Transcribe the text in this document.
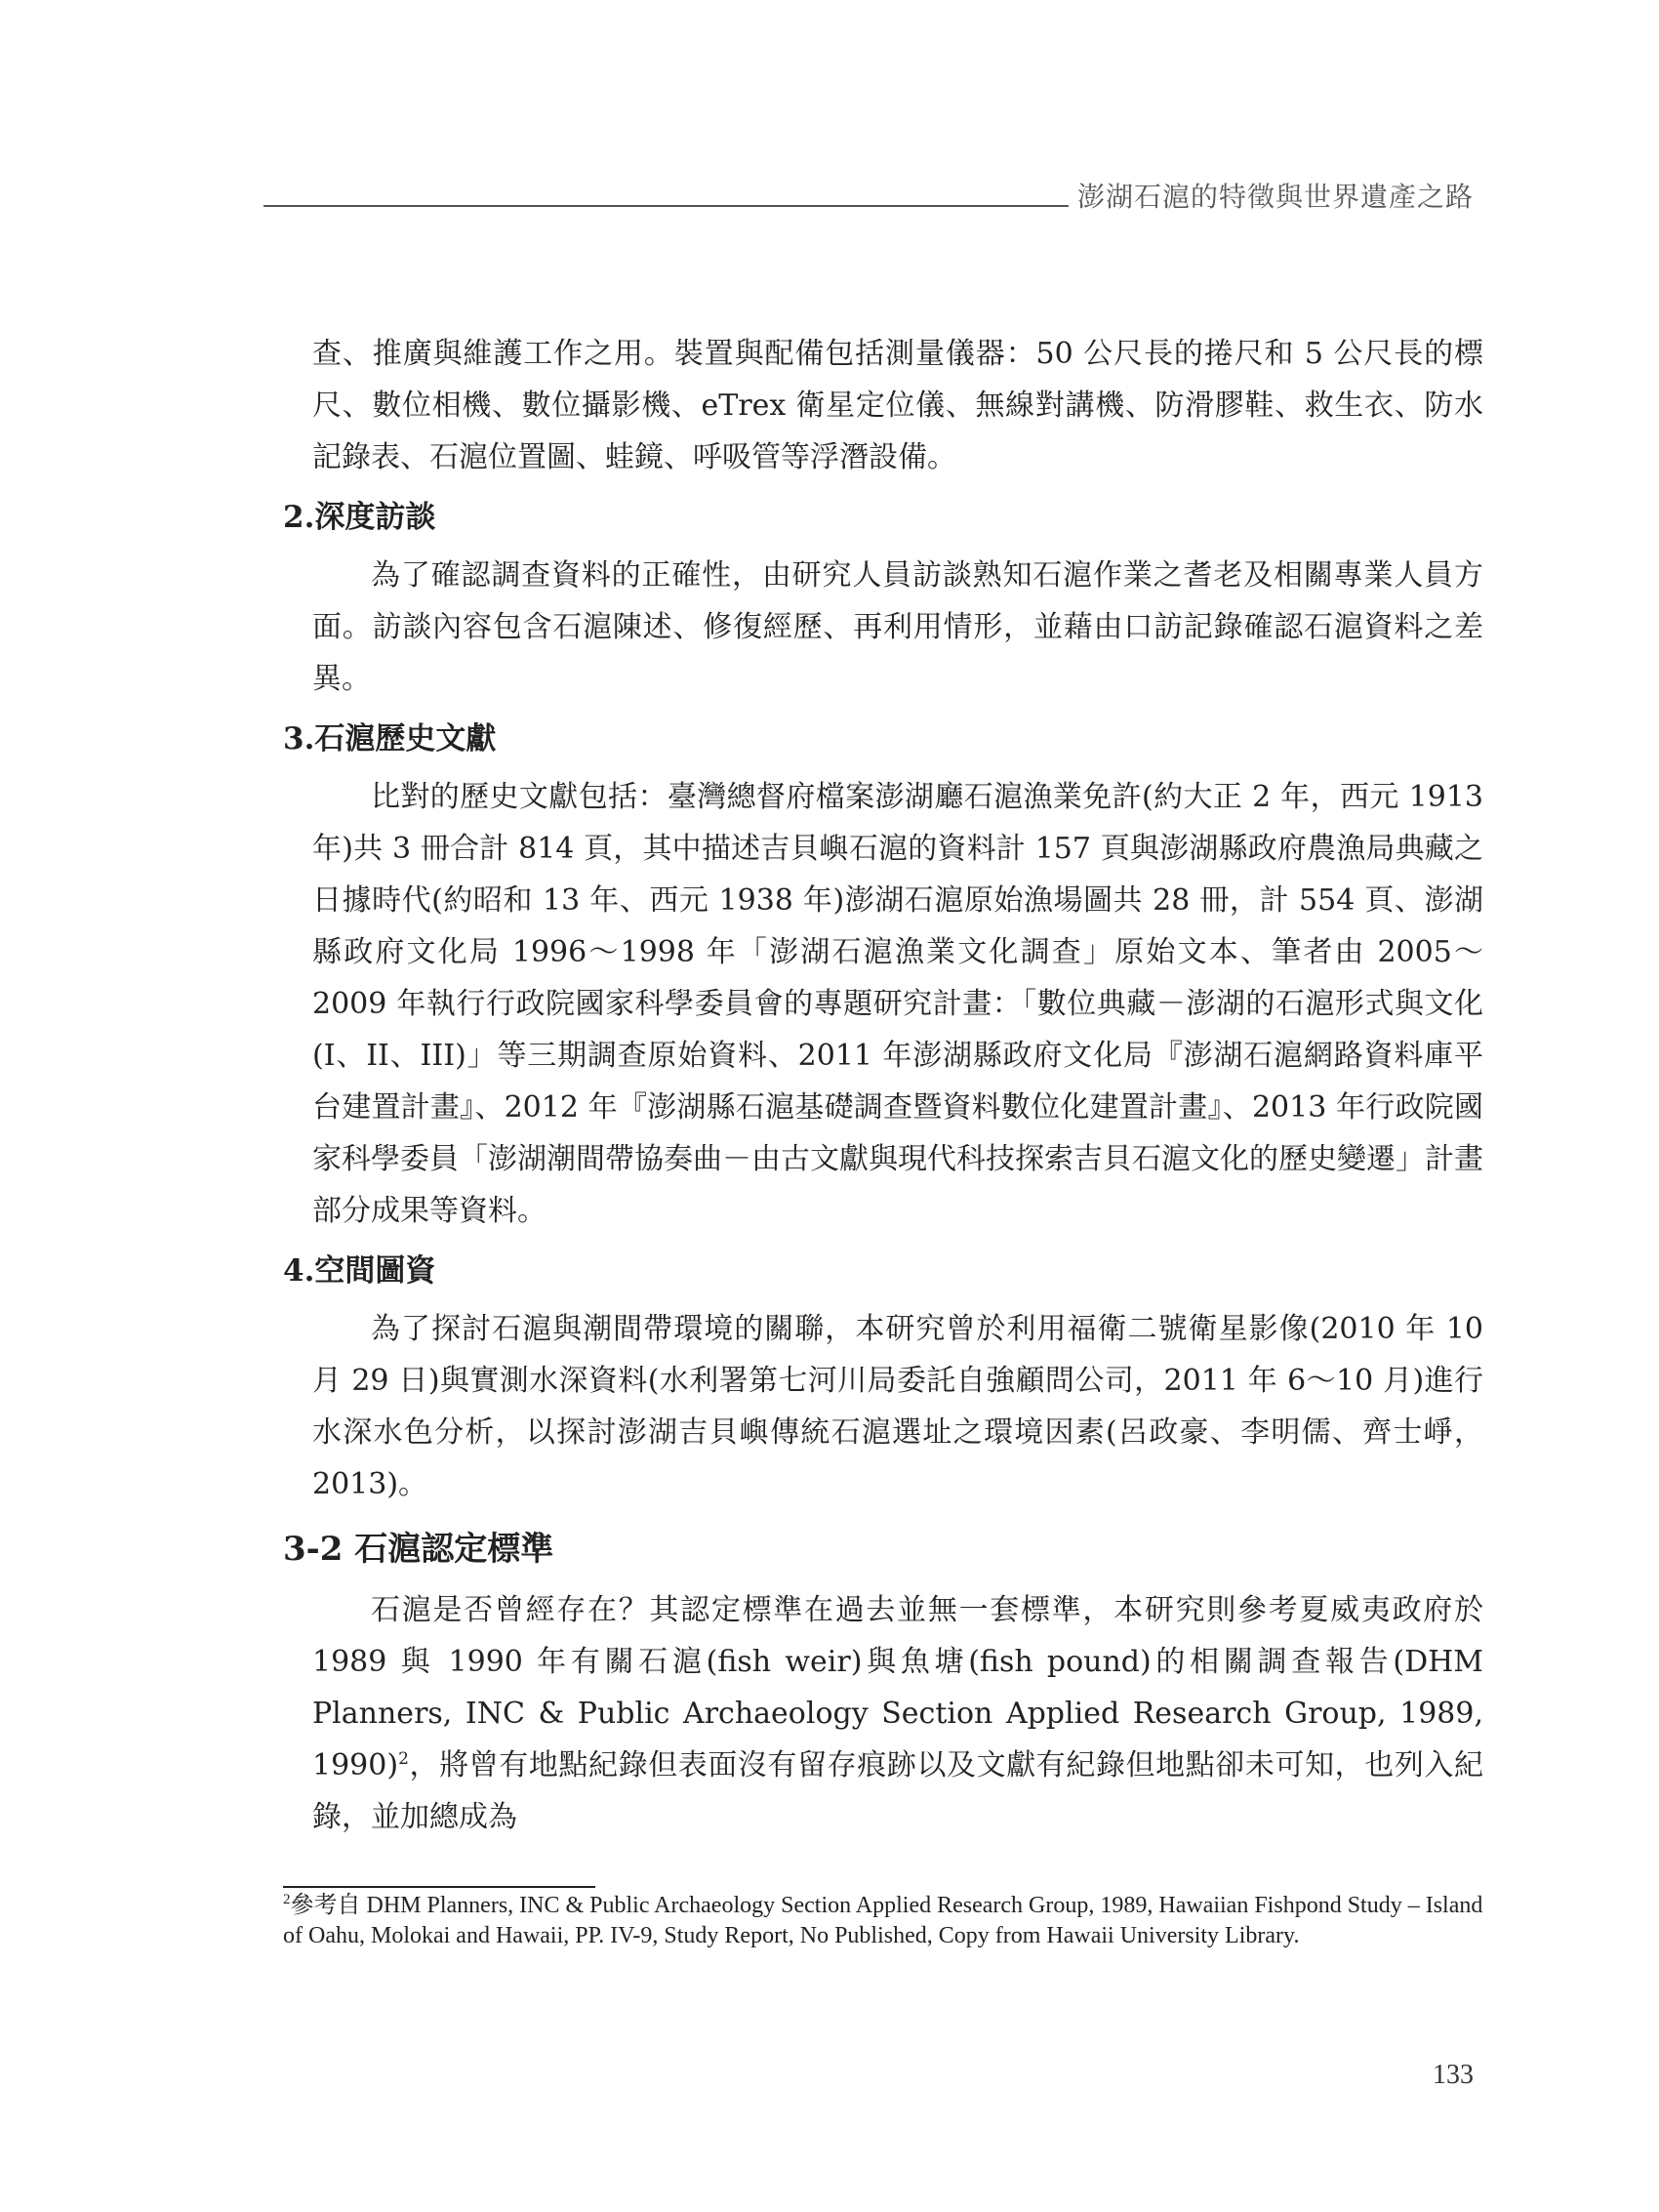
澎湖石滬的特徵與世界遺產之路

查、推廣與維護工作之用。裝置與配備包括測量儀器：50 公尺長的捲尺和 5 公尺長的標尺、數位相機、數位攝影機、eTrex 衛星定位儀、無線對講機、防滑膠鞋、救生衣、防水記錄表、石滬位置圖、蛙鏡、呼吸管等浮潛設備。

2.深度訪談

為了確認調查資料的正確性，由研究人員訪談熟知石滬作業之耆老及相關專業人員方面。訪談內容包含石滬陳述、修復經歷、再利用情形，並藉由口訪記錄確認石滬資料之差異。

3.石滬歷史文獻

比對的歷史文獻包括：臺灣總督府檔案澎湖廳石滬漁業免許(約大正 2 年，西元 1913 年)共 3 冊合計 814 頁，其中描述吉貝嶼石滬的資料計 157 頁與澎湖縣政府農漁局典藏之日據時代(約昭和 13 年、西元 1938 年)澎湖石滬原始漁場圖共 28 冊，計 554 頁、澎湖縣政府文化局 1996～1998 年「澎湖石滬漁業文化調查」原始文本、筆者由 2005～2009 年執行行政院國家科學委員會的專題研究計畫：「數位典藏－澎湖的石滬形式與文化(I、II、III)」等三期調查原始資料、2011 年澎湖縣政府文化局『澎湖石滬網路資料庫平台建置計畫』、2012 年『澎湖縣石滬基礎調查暨資料數位化建置計畫』、2013 年行政院國家科學委員「澎湖潮間帶協奏曲－由古文獻與現代科技探索吉貝石滬文化的歷史變遷」計畫部分成果等資料。

4.空間圖資

為了探討石滬與潮間帶環境的關聯，本研究曾於利用福衛二號衛星影像(2010 年 10 月 29 日)與實測水深資料(水利署第七河川局委託自強顧問公司，2011 年 6～10 月)進行水深水色分析，以探討澎湖吉貝嶼傳統石滬選址之環境因素(呂政豪、李明儒、齊士崢，2013)。

3-2 石滬認定標準

石滬是否曾經存在？其認定標準在過去並無一套標準，本研究則參考夏威夷政府於 1989 與 1990 年有關石滬(fish weir)與魚塘(fish pound)的相關調查報告(DHM Planners, INC & Public Archaeology Section Applied Research Group, 1989, 1990)$^2$，將曾有地點紀錄但表面沒有留存痕跡以及文獻有紀錄但地點卻未可知，也列入紀錄，並加總成為

$^2$參考自 DHM Planners, INC & Public Archaeology Section Applied Research Group, 1989, Hawaiian Fishpond Study – Island of Oahu, Molokai and Hawaii, PP. IV-9, Study Report, No Published, Copy from Hawaii University Library.
133
